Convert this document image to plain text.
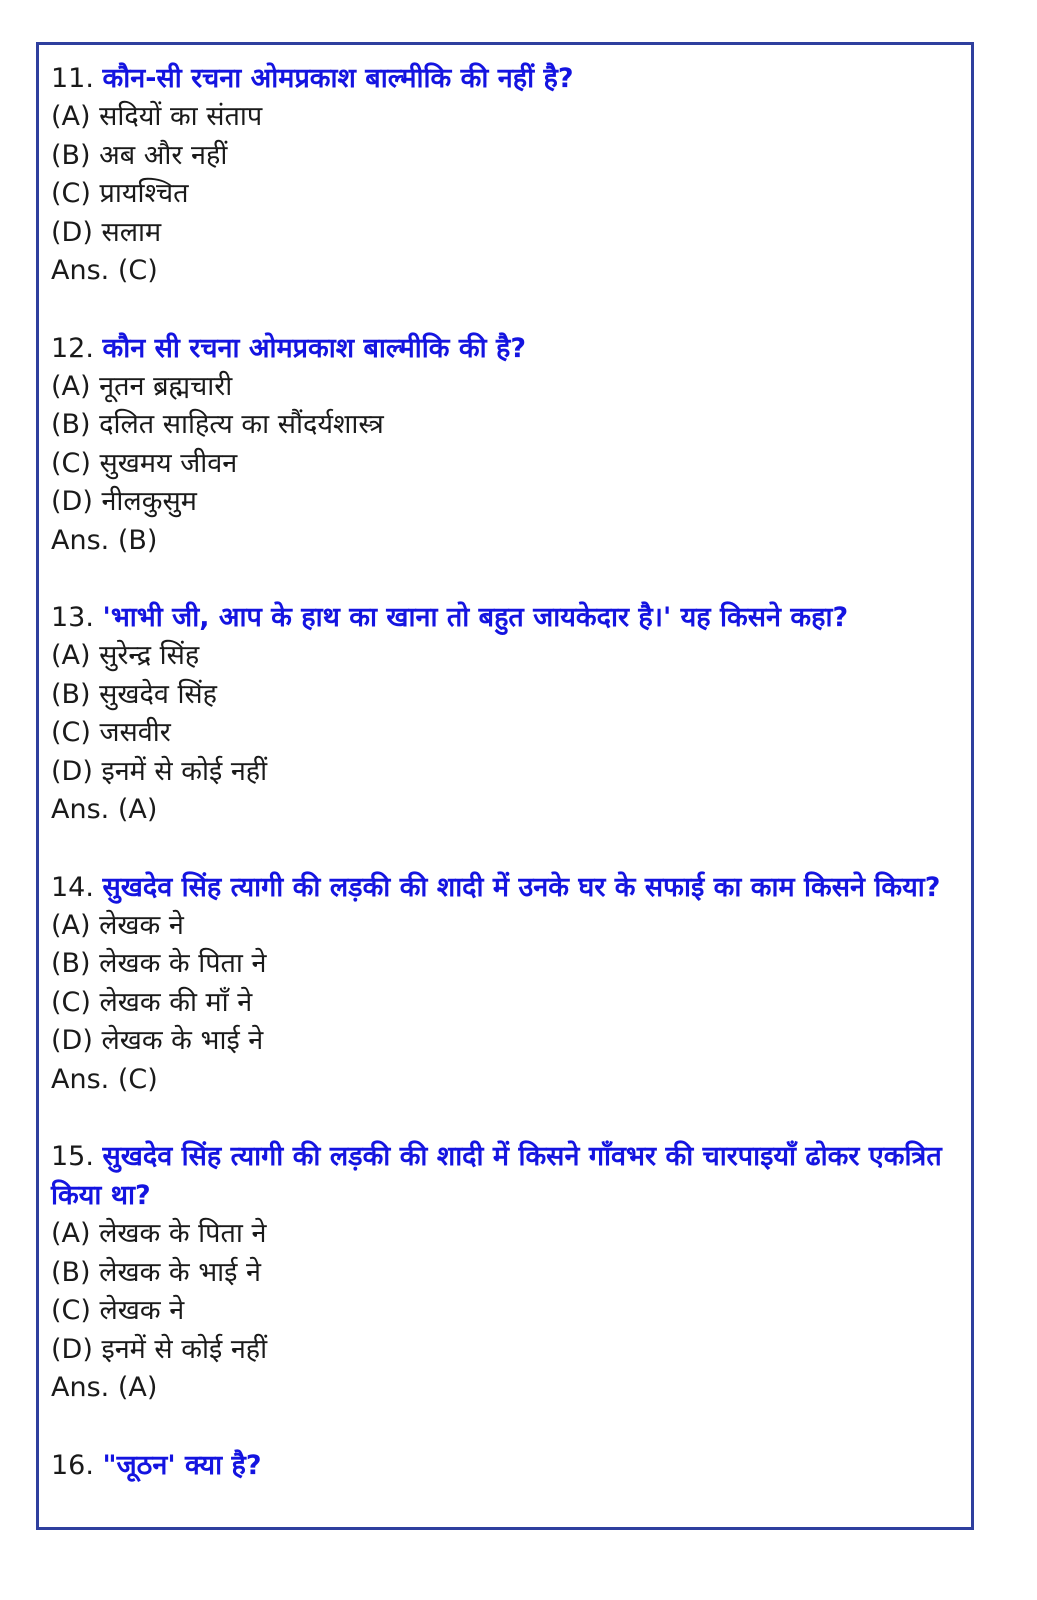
11. कौन-सी रचना ओमप्रकाश बाल्मीकि की नहीं है?

(A) सदियों का संताप

(B) अब और नहीं

(C) प्रायश्चित

(D) सलाम

Ans. (C)

12. कौन सी रचना ओमप्रकाश बाल्मीकि की है?

(A) नूतन ब्रह्मचारी

(B) दलित साहित्य का सौंदर्यशास्त्र

(C) सुखमय जीवन

(D) नीलकुसुम

Ans. (B)

13. 'भाभी जी, आप के हाथ का खाना तो बहुत जायकेदार है।' यह किसने कहा?

(A) सुरेन्द्र सिंह

(B) सुखदेव सिंह

(C) जसवीर

(D) इनमें से कोई नहीं

Ans. (A)

14. सुखदेव सिंह त्यागी की लड़की की शादी में उनके घर के सफाई का काम किसने किया?

(A) लेखक ने

(B) लेखक के पिता ने

(C) लेखक की माँ ने

(D) लेखक के भाई ने

Ans. (C)

15. सुखदेव सिंह त्यागी की लड़की की शादी में किसने गाँवभर की चारपाइयाँ ढोकर एकत्रित किया था?

(A) लेखक के पिता ने

(B) लेखक के भाई ने

(C) लेखक ने

(D) इनमें से कोई नहीं

Ans. (A)

16. "जूठन' क्या है?
